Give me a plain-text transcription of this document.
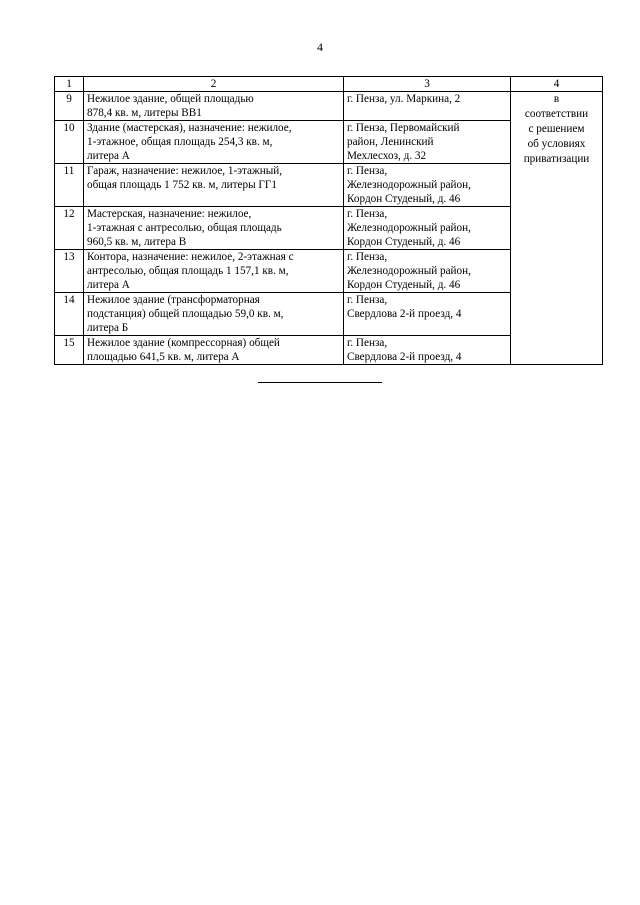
4
1	2	3	4
9	Нежилое здание, общей площадью
878,4 кв. м, литеры ВВ1	г. Пенза, ул. Маркина, 2	в
соответствии
с решением
об условиях
приватизации

10	Здание (мастерская), назначение: нежилое,
1-этажное, общая площадь 254,3 кв. м,
литера А	г. Пенза, Первомайский
район, Ленинский
Мехлесхоз, д. 32	

11	Гараж, назначение: нежилое, 1-этажный,
общая площадь 1 752 кв. м, литеры ГГ1	г. Пенза,
Железнодорожный район,
Кордон Студеный, д. 46	

12	Мастерская, назначение: нежилое,
1-этажная с антресолью, общая площадь
960,5 кв. м, литера В	г. Пенза,
Железнодорожный район,
Кордон Студеный, д. 46	

13	Контора, назначение: нежилое, 2-этажная с
антресолью, общая площадь 1 157,1 кв. м,
литера А	г. Пенза,
Железнодорожный район,
Кордон Студеный, д. 46	

14	Нежилое здание (трансформаторная
подстанция) общей площадью 59,0 кв. м,
литера Б	г. Пенза,
Свердлова 2-й проезд, 4	

15	Нежилое здание (компрессорная) общей
площадью 641,5 кв. м, литера А	г. Пенза,
Свердлова 2-й проезд, 4	
